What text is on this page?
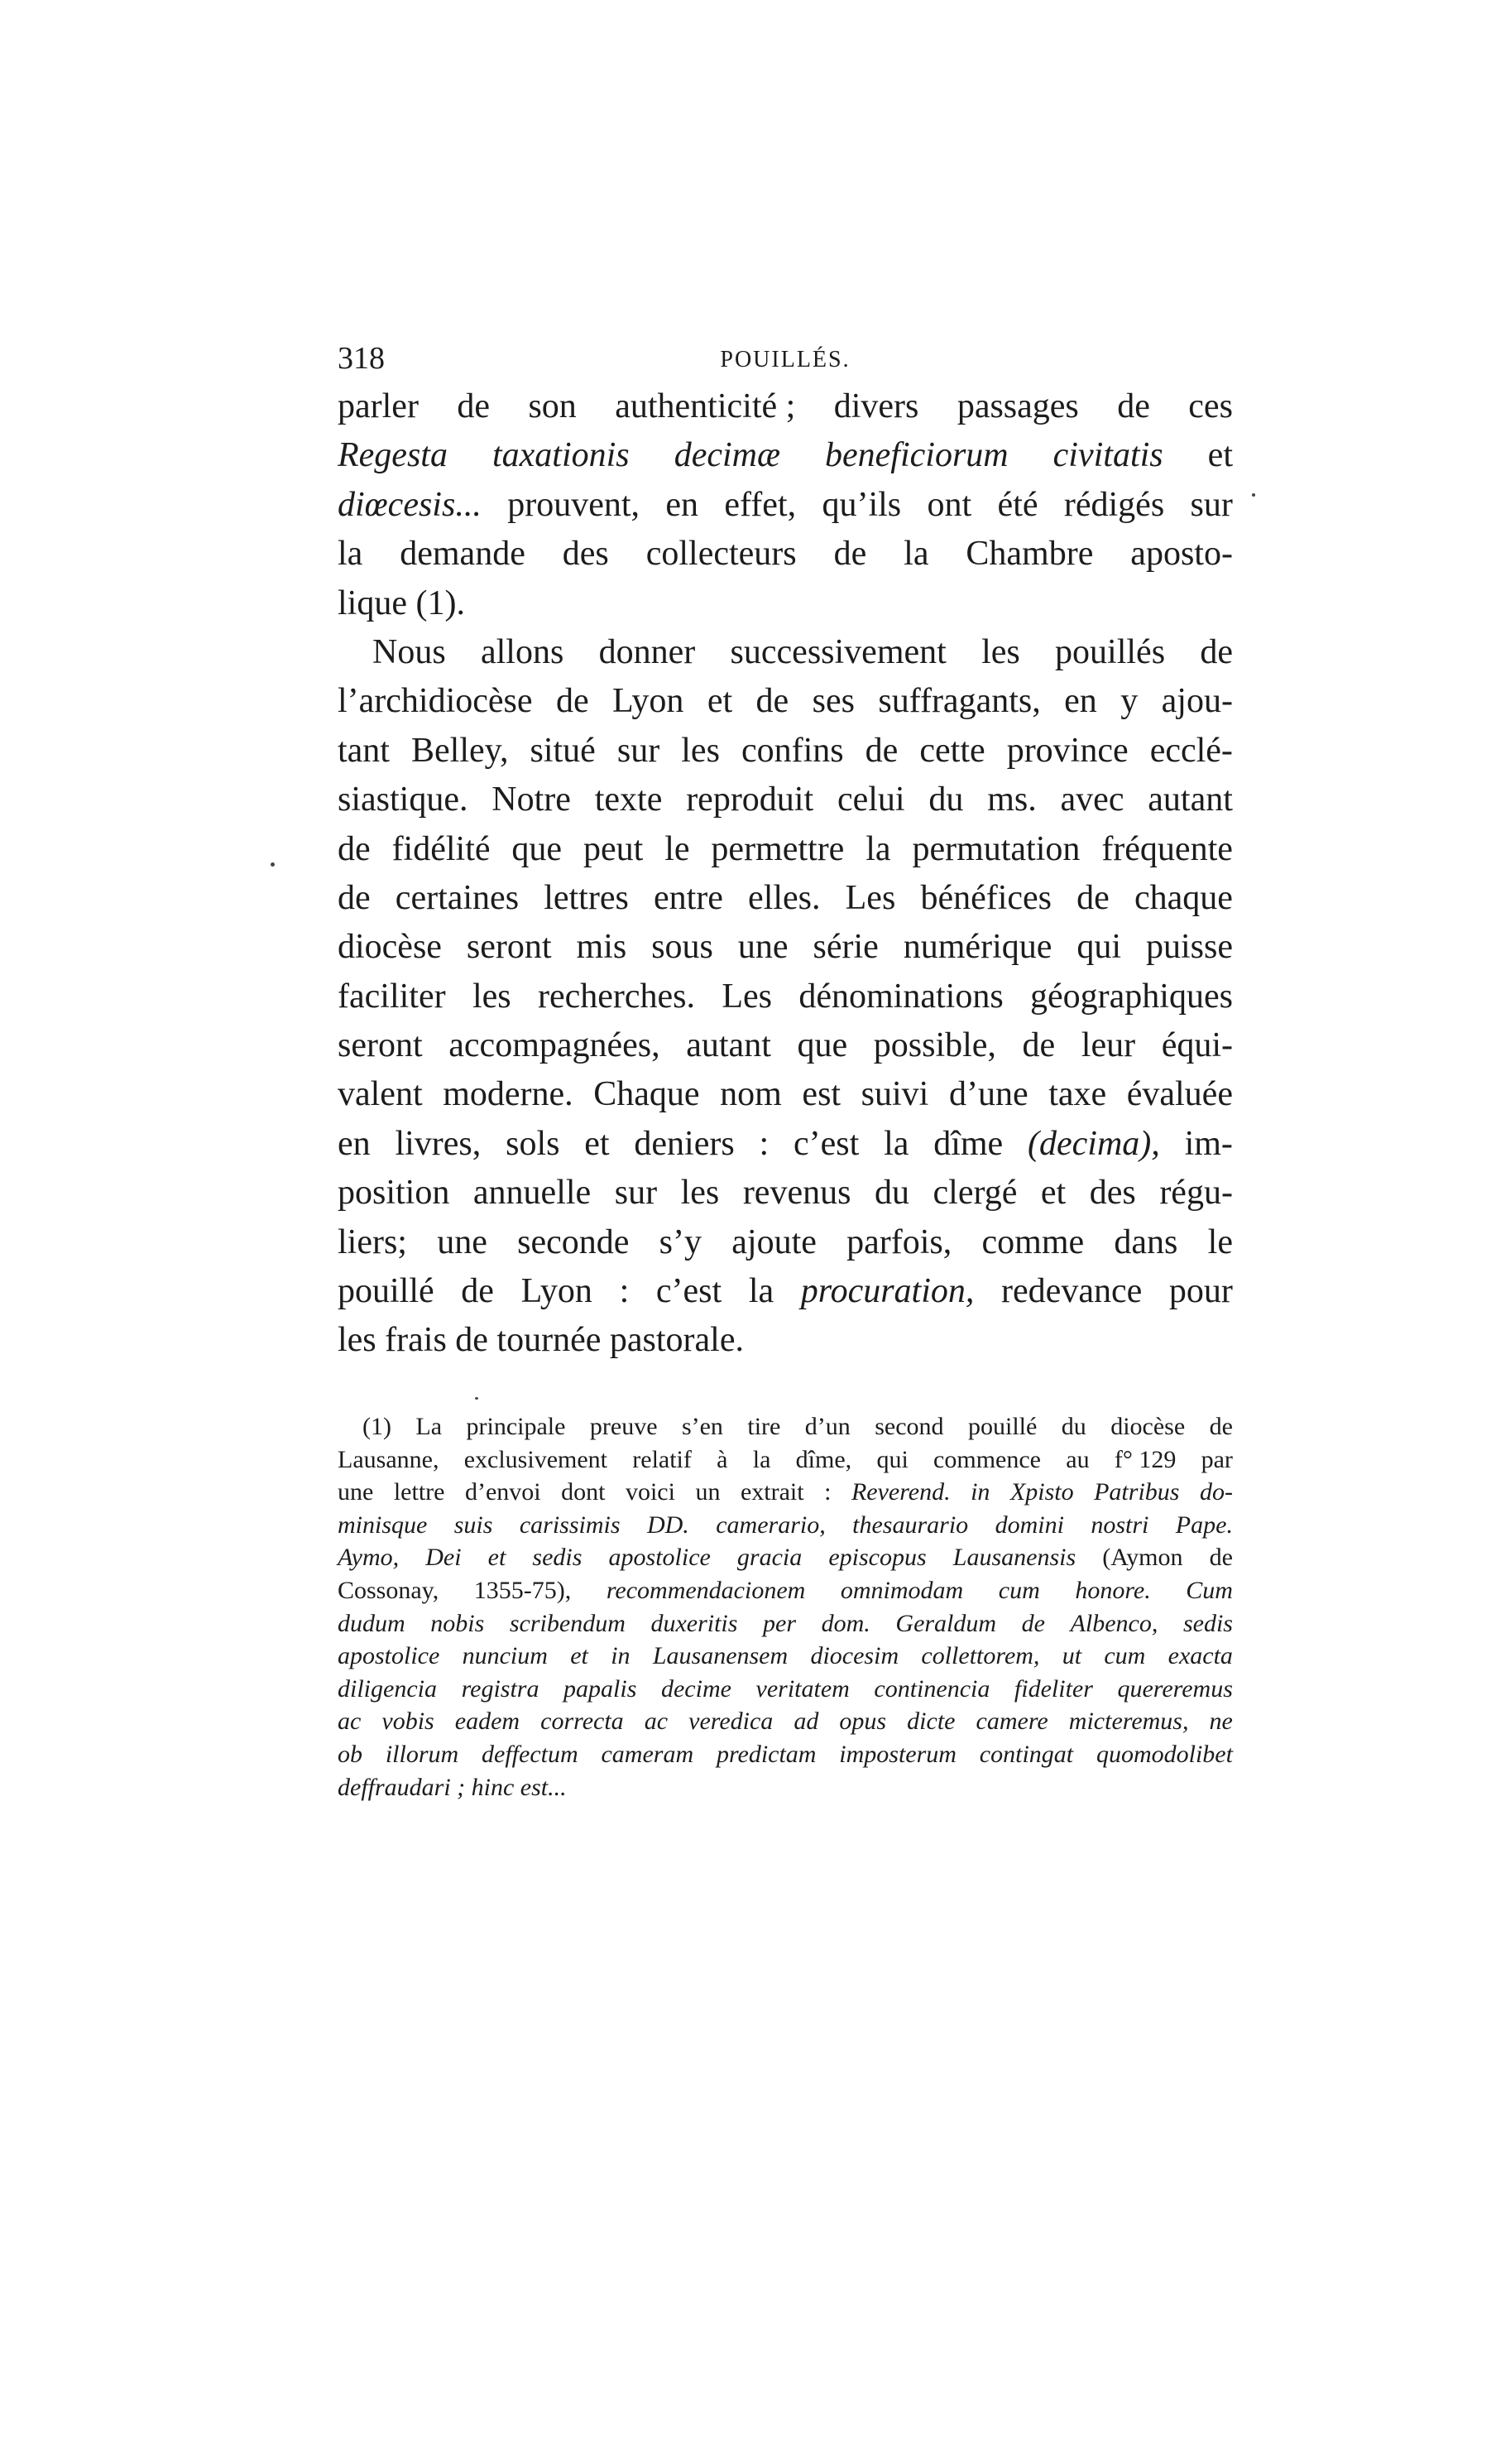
318	POUILLÉS.
parler de son authenticité ; divers passages de ces
Regesta taxationis decimæ beneficiorum civitatis et
diœcesis... prouvent, en effet, qu’ils ont été rédigés sur
la demande des collecteurs de la Chambre aposto-
lique (1).
Nous allons donner successivement les pouillés de
l’archidiocèse de Lyon et de ses suffragants, en y ajou-
tant Belley, situé sur les confins de cette province ecclé-
siastique. Notre texte reproduit celui du ms. avec autant
de fidélité que peut le permettre la permutation fréquente
de certaines lettres entre elles. Les bénéfices de chaque
diocèse seront mis sous une série numérique qui puisse
faciliter les recherches. Les dénominations géographiques
seront accompagnées, autant que possible, de leur équi-
valent moderne. Chaque nom est suivi d’une taxe évaluée
en livres, sols et deniers : c’est la dîme (decima), im-
position annuelle sur les revenus du clergé et des régu-
liers; une seconde s’y ajoute parfois, comme dans le
pouillé de Lyon : c’est la procuration, redevance pour
les frais de tournée pastorale.
(1) La principale preuve s’en tire d’un second pouillé du diocèse de
Lausanne, exclusivement relatif à la dîme, qui commence au f° 129 par
une lettre d’envoi dont voici un extrait : Reverend. in Xpisto Patribus do-
minisque suis carissimis DD. camerario, thesaurario domini nostri Pape.
Aymo, Dei et sedis apostolice gracia episcopus Lausanensis (Aymon de
Cossonay, 1355-75), recommendacionem omnimodam cum honore. Cum
dudum nobis scribendum duxeritis per dom. Geraldum de Albenco, sedis
apostolice nuncium et in Lausanensem diocesim collettorem, ut cum exacta
diligencia registra papalis decime veritatem continencia fideliter quereremus
ac vobis eadem correcta ac veredica ad opus dicte camere micteremus, ne
ob illorum deffectum cameram predictam imposterum contingat quomodolibet
deffraudari ; hinc est...
